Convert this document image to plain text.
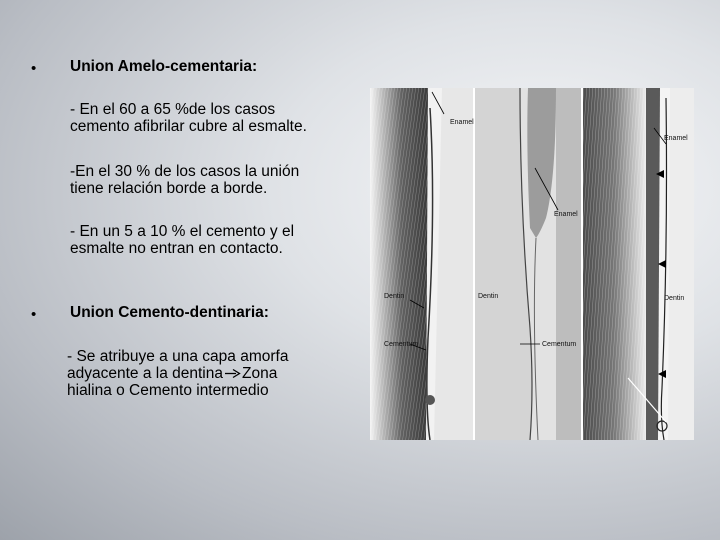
• Union Amelo-cementaria:
- En el 60 a 65 %de los casos
cemento afibrilar cubre al esmalte.
-En el 30 % de los casos la unión
tiene relación borde a borde.
- En un 5 a 10 % el cemento y el
esmalte no entran en contacto.
• Union Cemento-dentinaria:
- Se atribuye a una capa amorfa
adyacente a la dentina Zona
hialina o Cemento intermedio
Enamel
Enamel
Enamel
Dentin	Dentin	Dentin
Cementum	Cementum
